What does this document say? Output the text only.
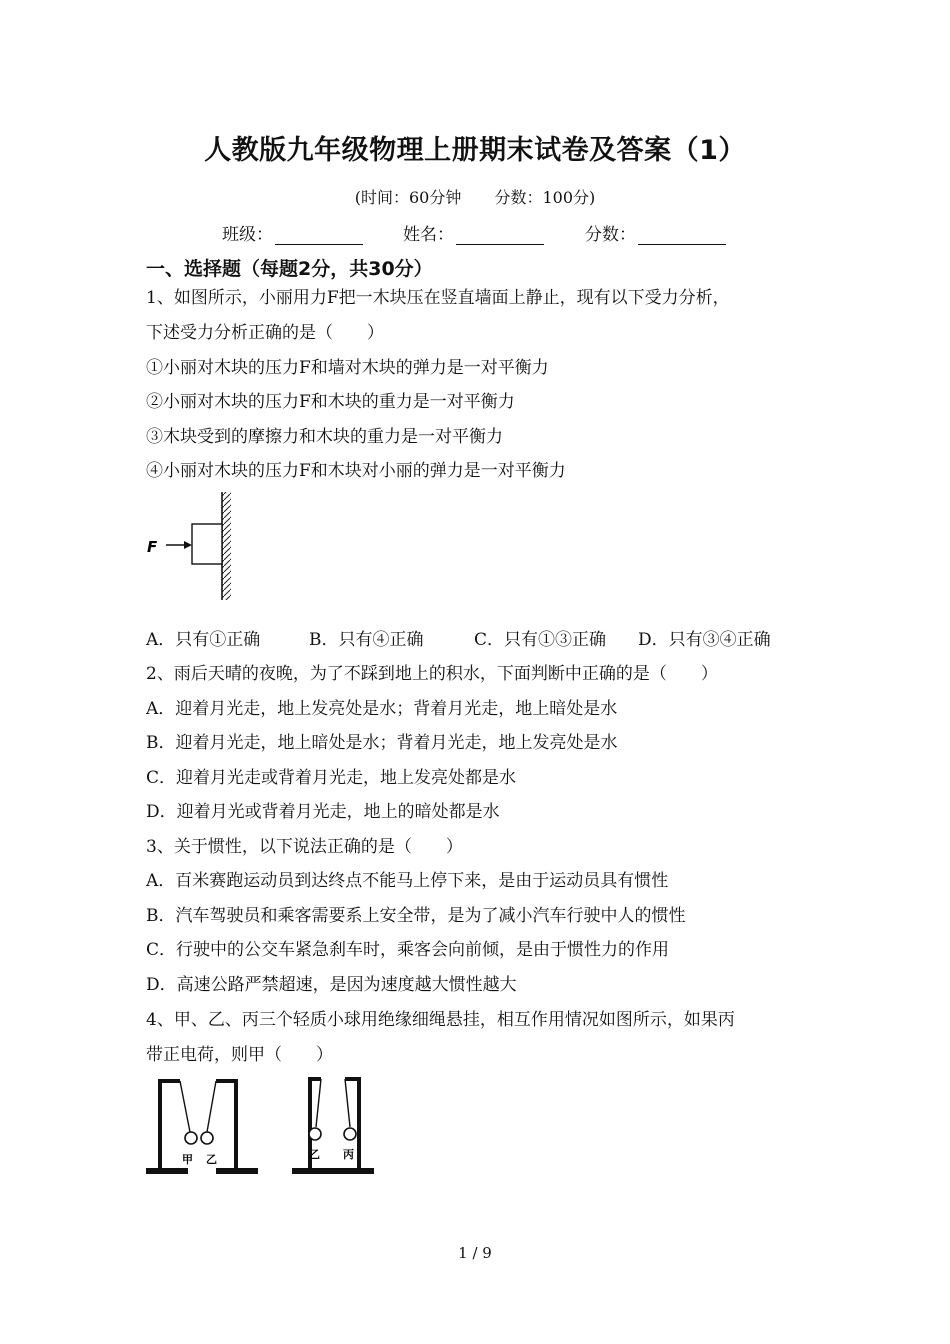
人教版九年级物理上册期末试卷及答案（1）
(时间：60分钟 分数：100分)
班级：	姓名：	分数：
一、选择题（每题2分，共30分）
1、如图所示，小丽用力F把一木块压在竖直墙面上静止，现有以下受力分析，
下述受力分析正确的是（　　）
①小丽对木块的压力F和墙对木块的弹力是一对平衡力
②小丽对木块的压力F和木块的重力是一对平衡力
③木块受到的摩擦力和木块的重力是一对平衡力
④小丽对木块的压力F和木块对小丽的弹力是一对平衡力
F
A．只有①正确	B．只有④正确	C．只有①③正确 D．只有③④正确
2、雨后天晴的夜晚，为了不踩到地上的积水，下面判断中正确的是（　　）
A．迎着月光走，地上发亮处是水；背着月光走，地上暗处是水
B．迎着月光走，地上暗处是水；背着月光走，地上发亮处是水
C．迎着月光走或背着月光走，地上发亮处都是水
D．迎着月光或背着月光走，地上的暗处都是水
3、关于惯性，以下说法正确的是（　　）
A．百米赛跑运动员到达终点不能马上停下来，是由于运动员具有惯性
B．汽车驾驶员和乘客需要系上安全带，是为了减小汽车行驶中人的惯性
C．行驶中的公交车紧急刹车时，乘客会向前倾，是由于惯性力的作用
D．高速公路严禁超速，是因为速度越大惯性越大
4、甲、乙、丙三个轻质小球用绝缘细绳悬挂，相互作用情况如图所示，如果丙
带正电荷，则甲（　　）
甲 乙	乙 丙
1 / 9
